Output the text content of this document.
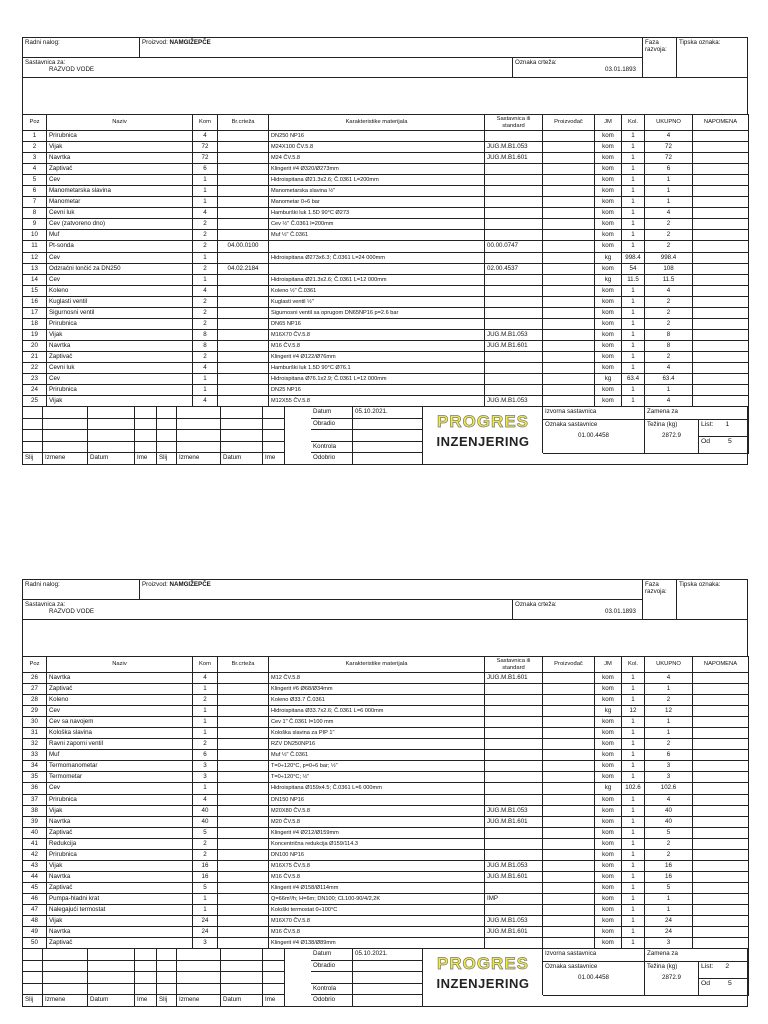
Radni nalog:	Proizvod: NAMGIŽEPČE	Faza razvoja:
Tipska oznaka:
Sastavnica za:
RAZVOD VODE
Oznaka crteža:
03.01.1893
Poz	Naziv	Kom	Br.crteža	Karakteristike materijala	Sastavnica ili standard	Proizvođač	JM	Kol.	UKUPNO	NAPOMENA
1	Prirubnica	4		DN250 NP16			kom	1	4	
2	Vijak	72		M24X100 ČV.5.8	JUG.M.B1.053		kom	1	72	
3	Navrtka	72		M24 ČV.5.8	JUG.M.B1.601		kom	1	72	
4	Zaptivač	6		Klingerit #4 Ø320/Ø273mm			kom	1	6	
5	Cev	1		Hidroispitana Ø21.3x2.6; Č.0361 L=200mm			kom	1	1	
6	Manometarska slavina	1		Manometarska slavina ½"			kom	1	1	
7	Manometar	1		Manometar 0÷6 bar			kom	1	1	
8	Cevni luk	4		Hamburški luk 1.5D 90°C Ø273			kom	1	4	
9	Cev (zatvoreno dno)	2		Cev ½" Č.0361 l=200mm			kom	1	2	
10	Muf	2		Muf ½" Č.0361			kom	1	2	
11	Pt-sonda	2	04.00.0100		00.00.0747		kom	1	2	
12	Cev	1		Hidroispitana Ø273x6.3; Č.0361 L=24 000mm			kg	998.4	998.4	
13	Odzračni lončić za DN250	2	04.02.2184		02.00.4537		kom	54	108	
14	Cev	1		Hidroispitana Ø21.3x2.6; Č.0361 L=12 000mm			kg	11.5	11.5	
15	Koleno	4		Koleno ½" Č.0361			kom	1	4	
16	Kuglasti ventil	2		Kuglasti ventil ½"			kom	1	2	
17	Sigurnosni ventil	2		Sigurnosni ventil sa oprugom DN65NP16 p=2.6 bar			kom	1	2	
18	Prirubnica	2		DN65 NP16			kom	1	2	
19	Vijak	8		M16X70 ČV.5.8	JUG.M.B1.053		kom	1	8	
20	Navrtka	8		M16 ČV.5.8	JUG.M.B1.601		kom	1	8	
21	Zaptivač	2		Klingerit #4 Ø122/Ø76mm			kom	1	2	
22	Cevni luk	4		Hamburški luk 1.5D 90°C Ø76.1			kom	1	4	
23	Cev	1		Hidroispitana Ø76.1x2.9; Č.0361 L=12 000mm			kg	63.4	63.4	
24	Prirubnica	1		DN25 NP16			kom	1	1	
25	Vijak	4		M12X55 ČV.5.8	JUG.M.B1.053		kom	1	4	
Slij	Izmene	Datum	Ime	Slij	Izmene	Datum	Ime
Datum	05.10.2021.
Obradio
Kontrola
Odobrio
PROGRES
INZENJERING
Izvorna sastavnica	Zamena za
Oznaka sastavnice
01.00.4458
Težina (kg)
2872.9
List: 1
Od	5
Radni nalog:	Proizvod: NAMGIŽEPČE	Faza razvoja:
Tipska oznaka:
Sastavnica za:
RAZVOD VODE
Oznaka crteža:
03.01.1893
Poz	Naziv	Kom	Br.crteža	Karakteristike materijala	Sastavnica ili standard	Proizvođač	JM	Kol.	UKUPNO	NAPOMENA
26	Navrtka	4		M12 ČV.5.8	JUG.M.B1.601		kom	1	4	
27	Zaptivač	1		Klingerit #6 Ø68/Ø34mm			kom	1	1	
28	Koleno	2		Koleno Ø33.7 Č.0361			kom	1	2	
29	Cev	1		Hidroispitana Ø33.7x2.6; Č.0361 L=6 000mm			kg	12	12	
30	Cev sa navojem	1		Cev 1" Č.0361 l=100 mm			kom	1	1	
31	Kološka slavina	1		Kološka slavina za PIP 1"			kom	1	1	
32	Ravni zaporni ventil	2		RZV DN250NP16			kom	1	2	
33	Muf	6		Muf ½" Č.0361			kom	1	6	
34	Termomanometar	3		T=0÷120°C, p=0÷6 bar; ½"			kom	1	3	
35	Termometar	3		T=0÷120°C; ½"			kom	1	3	
36	Cev	1		Hidroispitana Ø159x4.5; Č.0361 L=6 000mm			kg	102.6	102.6	
37	Prirubnica	4		DN150 NP16			kom	1	4	
38	Vijak	40		M20X80 ČV.5.8	JUG.M.B1.053		kom	1	40	
39	Navrtka	40		M20 ČV.5.8	JUG.M.B1.601		kom	1	40	
40	Zaptivač	5		Klingerit #4 Ø212/Ø159mm			kom	1	5	
41	Redukcija	2		Koncentrična redukcija Ø159/114.3			kom	1	2	
42	Prirubnica	2		DN100 NP16			kom	1	2	
43	Vijak	16		M16X75 ČV.5.8	JUG.M.B1.053		kom	1	16	
44	Navrtka	16		M16 ČV.5.8	JUG.M.B1.601		kom	1	16	
45	Zaptivač	5		Klingerit #4 Ø158/Ø114mm			kom	1	5	
46	Pumpa-hladni krat	1		Q=66m³/h; H=6m; DN100; CL100-90/4/2,2K	IMP		kom	1	1	
47	Nalegajući termostat	1		Kološki termostat 0÷100°C			kom	1	1	
48	Vijak	24		M16X70 ČV.5.8	JUG.M.B1.053		kom	1	24	
49	Navrtka	24		M16 ČV.5.8	JUG.M.B1.601		kom	1	24	
50	Zaptivač	3		Klingerit #4 Ø138/Ø89mm			kom	1	3	
Slij	Izmene	Datum	Ime	Slij	Izmene	Datum	Ime
Datum	05.10.2021.
Obradio
Kontrola
Odobrio
PROGRES
INZENJERING
Izvorna sastavnica	Zamena za
Oznaka sastavnice
01.00.4458
Težina (kg)
2872.9
List: 2
Od	5
